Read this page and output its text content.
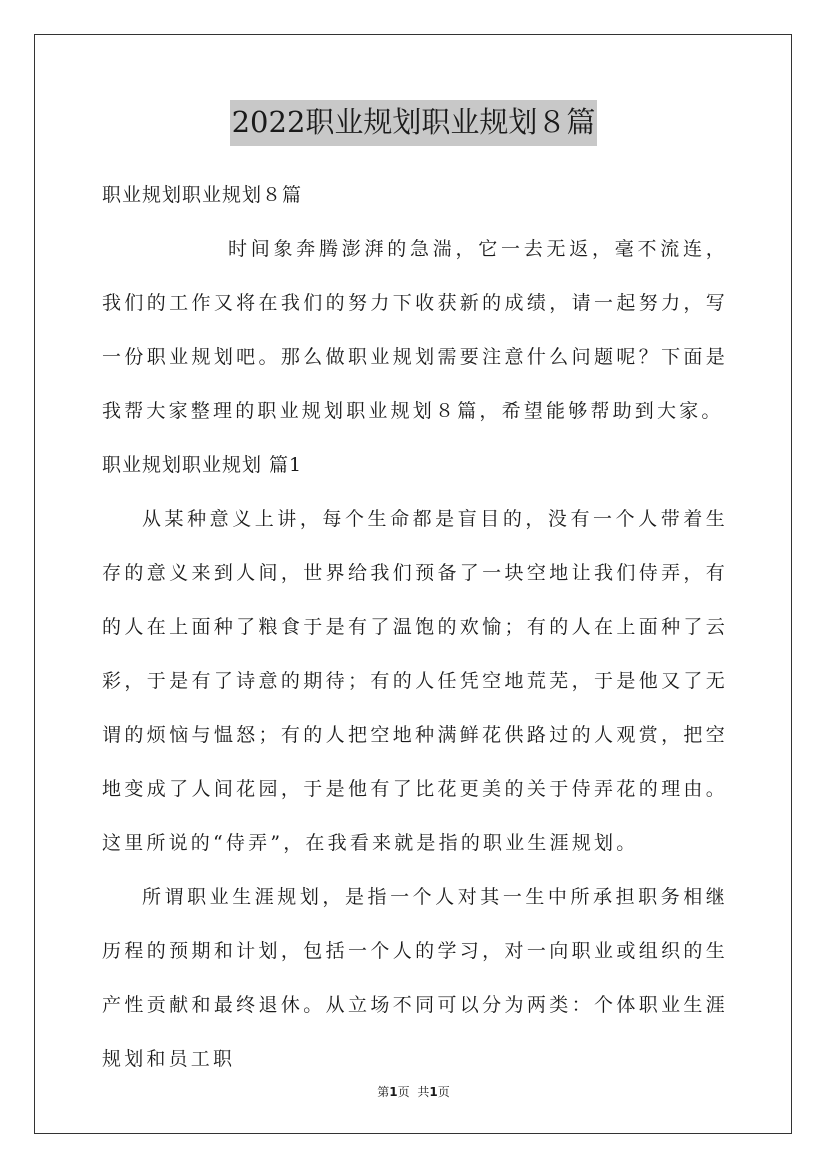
2022职业规划职业规划８篇

职业规划职业规划８篇

时间象奔腾澎湃的急湍，它一去无返，毫不流连，我们的工作又将在我们的努力下收获新的成绩，请一起努力，写一份职业规划吧。那么做职业规划需要注意什么问题呢？下面是我帮大家整理的职业规划职业规划８篇，希望能够帮助到大家。

职业规划职业规划 篇1

从某种意义上讲，每个生命都是盲目的，没有一个人带着生存的意义来到人间，世界给我们预备了一块空地让我们侍弄，有的人在上面种了粮食于是有了温饱的欢愉；有的人在上面种了云彩，于是有了诗意的期待；有的人任凭空地荒芜，于是他又了无谓的烦恼与愠怒；有的人把空地种满鲜花供路过的人观赏，把空地变成了人间花园，于是他有了比花更美的关于侍弄花的理由。这里所说的“侍弄”，在我看来就是指的职业生涯规划。

所谓职业生涯规划，是指一个人对其一生中所承担职务相继历程的预期和计划，包括一个人的学习，对一向职业或组织的生产性贡献和最终退休。从立场不同可以分为两类：个体职业生涯规划和员工职

第1页 共1页
